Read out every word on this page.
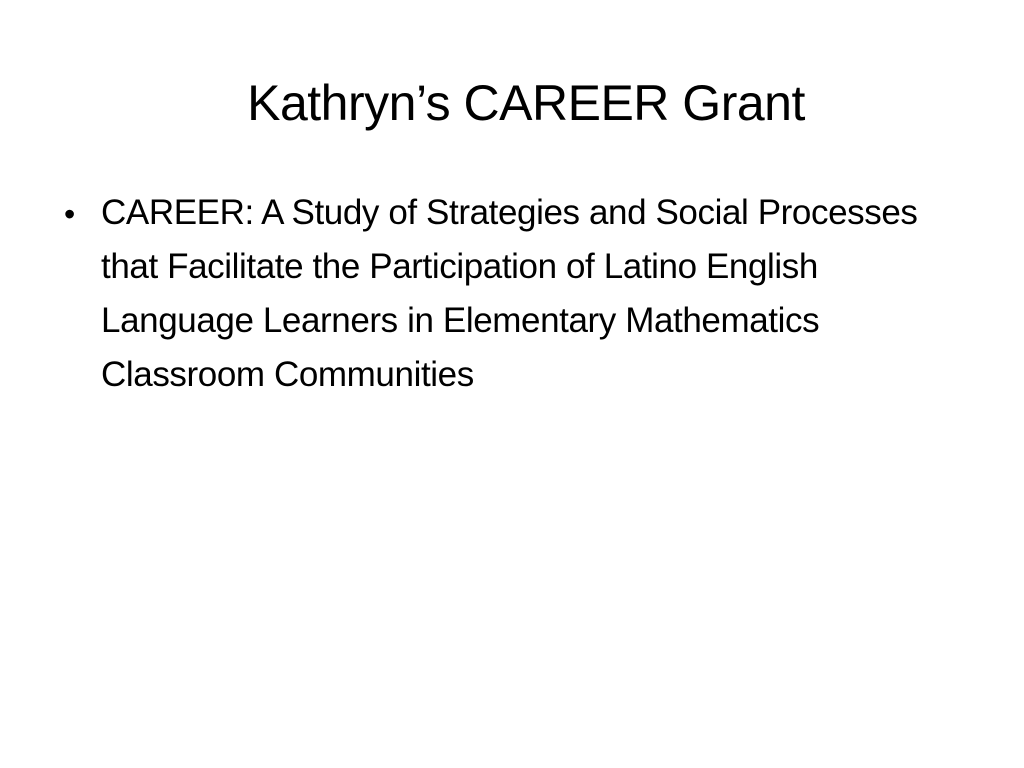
Kathryn’s CAREER Grant
• CAREER: A Study of Strategies and Social Processes that Facilitate the Participation of Latino English Language Learners in Elementary Mathematics Classroom Communities
